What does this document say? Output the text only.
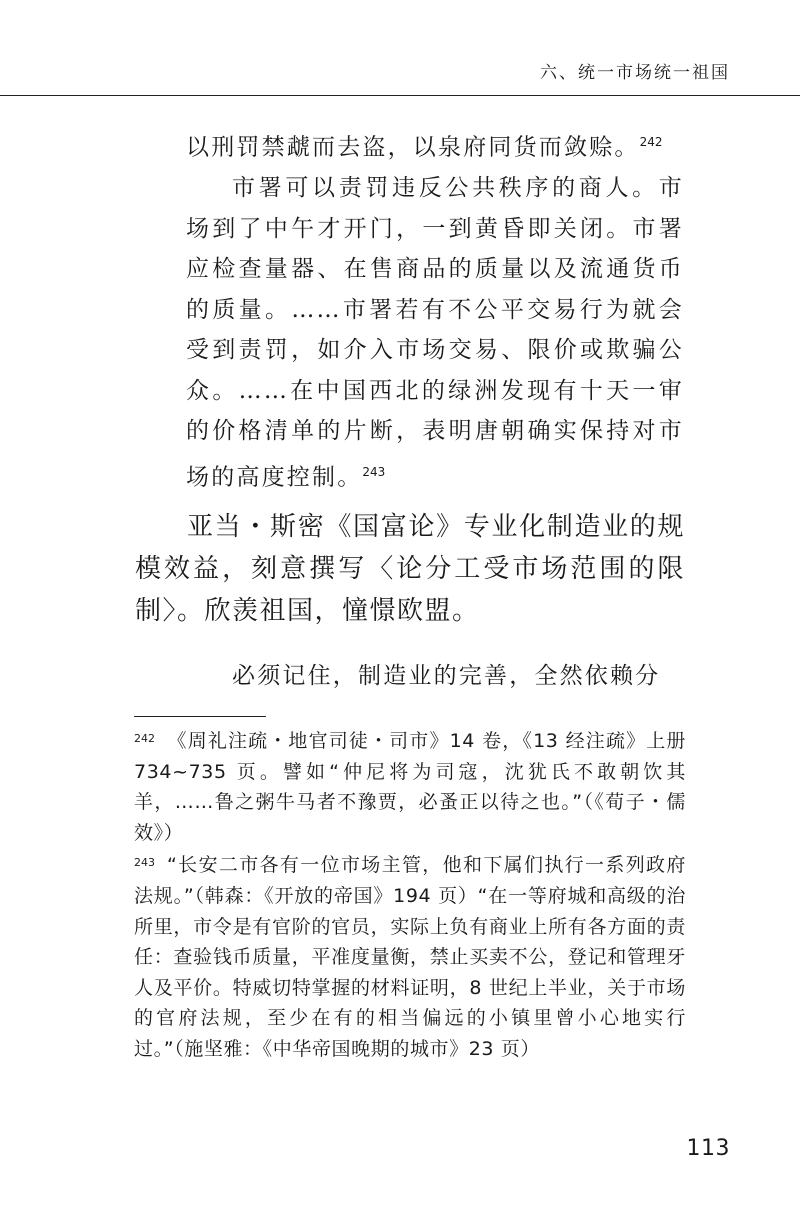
六、统一市场统一祖国

以刑罚禁虣而去盗，以泉府同货而敛赊。$^{242}$

市署可以责罚违反公共秩序的商人。市场到了中午才开门，一到黄昏即关闭。市署应检查量器、在售商品的质量以及流通货币的质量。……市署若有不公平交易行为就会受到责罚，如介入市场交易、限价或欺骗公众。……在中国西北的绿洲发现有十天一审的价格清单的片断，表明唐朝确实保持对市场的高度控制。$^{243}$

亚当・斯密《国富论》专业化制造业的规模效益，刻意撰写〈论分工受市场范围的限制〉。欣羡祖国，憧憬欧盟。

必须记住，制造业的完善，全然依赖分

$^{242}$ 《周礼注疏・地官司徒・司市》14 卷，《13 经注疏》上册 734~735 页。譬如“仲尼将为司寇，沈犹氏不敢朝饮其羊，……鲁之粥牛马者不豫贾，必蚤正以待之也。”（《荀子・儒效》）

$^{243}$ “长安二市各有一位市场主管，他和下属们执行一系列政府法规。”（韩森：《开放的帝国》194 页）“在一等府城和高级的治所里，市令是有官阶的官员，实际上负有商业上所有各方面的责任：查验钱币质量，平准度量衡，禁止买卖不公，登记和管理牙人及平价。特威切特掌握的材料证明，8 世纪上半业，关于市场的官府法规，至少在有的相当偏远的小镇里曾小心地实行过。”（施坚雅：《中华帝国晚期的城市》23 页）

113
